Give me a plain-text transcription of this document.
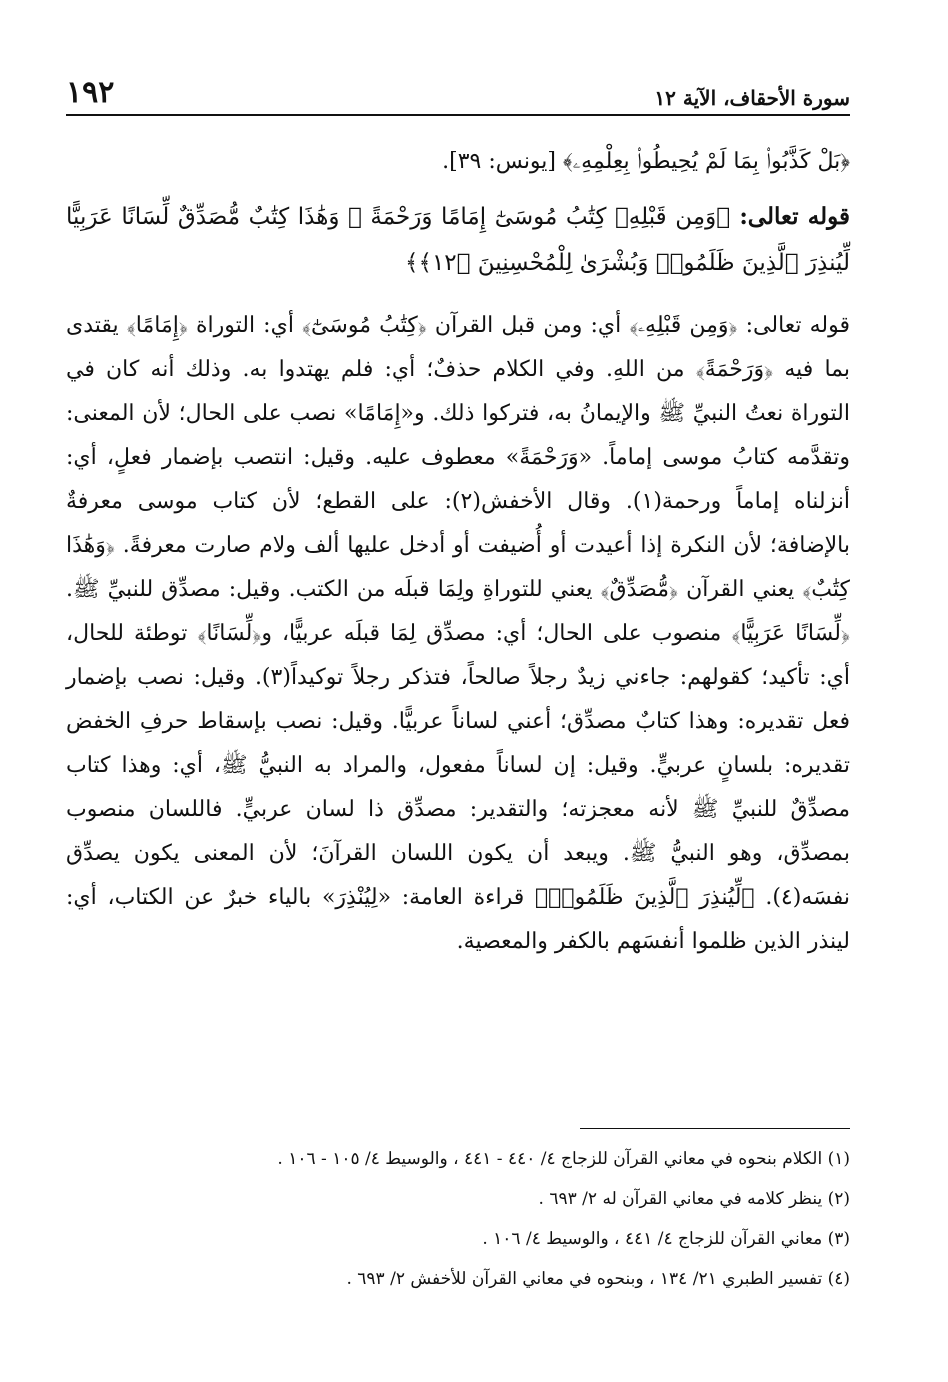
١٩٢	سورة الأحقاف، الآية ١٢

﴿بَلْ كَذَّبُوا۟ بِمَا لَمْ يُحِيطُوا۟ بِعِلْمِهِۦ﴾ [يونس: ٣٩].

قوله تعالى: ﴿وَمِن قَبْلِهِۦ كِتَٰبُ مُوسَىٰٓ إِمَامًا وَرَحْمَةً ۚ وَهَٰذَا كِتَٰبٌ مُّصَدِّقٌ لِّسَانًا عَرَبِيًّا لِّيُنذِرَ ٱلَّذِينَ ظَلَمُوا۟ وَبُشْرَىٰ لِلْمُحْسِنِينَ ﴿١٢﴾﴾

قوله تعالى: ﴿وَمِن قَبْلِهِۦ﴾ أي: ومن قبل القرآن ﴿كِتَٰبُ مُوسَىٰٓ﴾ أي: التوراة ﴿إِمَامًا﴾ يقتدى بما فيه ﴿وَرَحْمَةً﴾ من اللهِ. وفي الكلام حذفٌ؛ أي: فلم يهتدوا به. وذلك أنه كان في التوراة نعتُ النبيِّ ﷺ والإيمانُ به، فتركوا ذلك. و«إِمَامًا» نصب على الحال؛ لأن المعنى: وتقدَّمه كتابُ موسى إماماً. «وَرَحْمَةً» معطوف عليه. وقيل: انتصب بإضمار فعلٍ، أي: أنزلناه إماماً ورحمة(١). وقال الأخفش(٢): على القطع؛ لأن كتاب موسى معرفةٌ بالإضافة؛ لأن النكرة إذا أعيدت أو أُضيفت أو أدخل عليها ألف ولام صارت معرفةً. ﴿وَهَٰذَا كِتَٰبٌ﴾ يعني القرآن ﴿مُّصَدِّقٌ﴾ يعني للتوراةِ ولِمَا قبلَه من الكتب. وقيل: مصدِّق للنبيِّ ﷺ. ﴿لِّسَانًا عَرَبِيًّا﴾ منصوب على الحال؛ أي: مصدِّق لِمَا قبلَه عربيًّا، و﴿لِّسَانًا﴾ توطئة للحال، أي: تأكيد؛ كقولهم: جاءني زيدٌ رجلاً صالحاً، فتذكر رجلاً توكيداً(٣). وقيل: نصب بإضمار فعل تقديره: وهذا كتابٌ مصدِّق؛ أعني لساناً عربيًّا. وقيل: نصب بإسقاط حرفِ الخفض تقديره: بلسانٍ عربيٍّ. وقيل: إن لساناً مفعول، والمراد به النبيُّ ﷺ، أي: وهذا كتاب مصدِّقٌ للنبيِّ ﷺ لأنه معجزته؛ والتقدير: مصدِّق ذا لسان عربيٍّ. فاللسان منصوب بمصدِّق، وهو النبيُّ ﷺ. ويبعد أن يكون اللسان القرآنَ؛ لأن المعنى يكون يصدِّق نفسَه(٤). ﴿لِّيُنذِرَ ٱلَّذِينَ ظَلَمُوا۟﴾ قراءة العامة: «لِيُنْذِرَ» بالياء خبرٌ عن الكتاب، أي: لينذر الذين ظلموا أنفسَهم بالكفر والمعصية.

(١) الكلام بنحوه في معاني القرآن للزجاج ٤/ ٤٤٠ - ٤٤١ ، والوسيط ٤/ ١٠٥ - ١٠٦ .

(٢) ينظر كلامه في معاني القرآن له ٢/ ٦٩٣ .

(٣) معاني القرآن للزجاج ٤/ ٤٤١ ، والوسيط ٤/ ١٠٦ .

(٤) تفسير الطبري ٢١/ ١٣٤ ، وبنحوه في معاني القرآن للأخفش ٢/ ٦٩٣ .
